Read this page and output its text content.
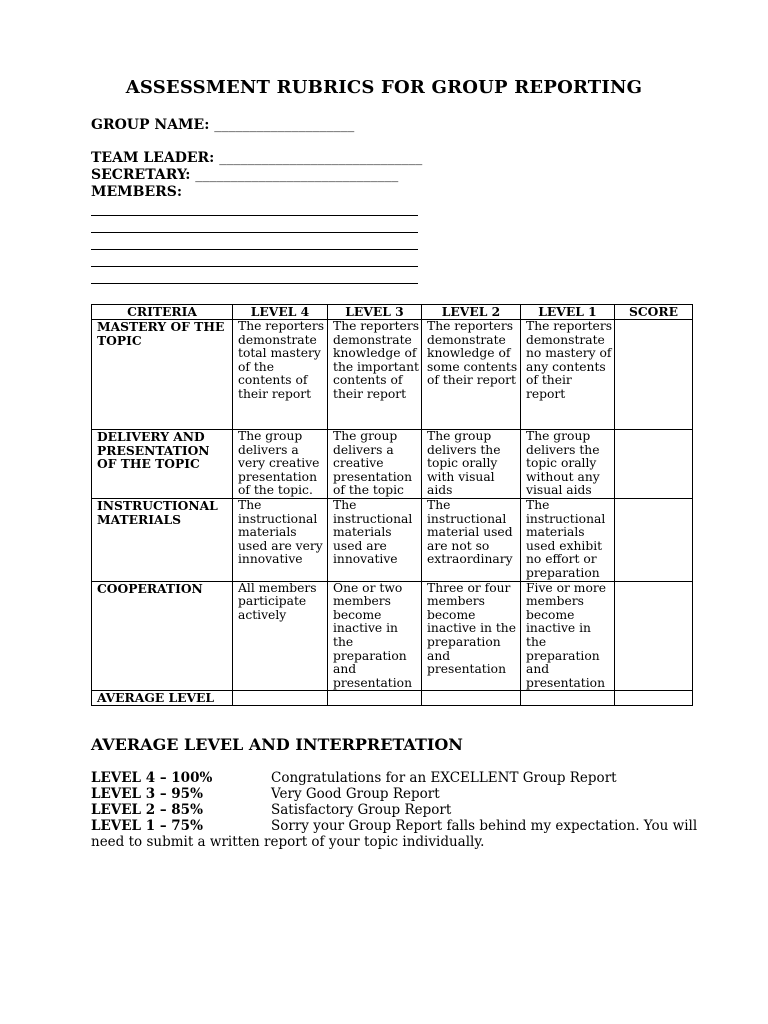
ASSESSMENT RUBRICS FOR GROUP REPORTING
GROUP NAME: ____________________
TEAM LEADER: _____________________________
SECRETARY: _____________________________
MEMBERS:
CRITERIA	LEVEL 4	LEVEL 3	LEVEL 2	LEVEL 1	SCORE
MASTERY OF THE TOPIC	The reporters demonstrate total mastery of the contents of their report	The reporters demonstrate knowledge of the important contents of their report	The reporters demonstrate knowledge of some contents of their report	The reporters demonstrate no mastery of any contents of their report	
DELIVERY AND PRESENTATION OF THE TOPIC	The group delivers a very creative presentation of the topic.	The group delivers a creative presentation of the topic	The group delivers the topic orally with visual aids	The group delivers the topic orally without any visual aids	
INSTRUCTIONAL MATERIALS	The instructional materials used are very innovative	The instructional materials used are innovative	The instructional material used are not so extraordinary	The instructional materials used exhibit no effort or preparation	
COOPERATION	All members participate actively	One or two members become inactive in the preparation and presentation	Three or four members become inactive in the preparation and presentation	Five or more members become inactive in the preparation and presentation	
AVERAGE LEVEL					
AVERAGE LEVEL AND INTERPRETATION
LEVEL 4 – 100%	Congratulations for an EXCELLENT Group Report
LEVEL 3 – 95%	Very Good Group Report
LEVEL 2 – 85%	Satisfactory Group Report
LEVEL 1 – 75%	Sorry your Group Report falls behind my expectation. You will
need to submit a written report of your topic individually.
